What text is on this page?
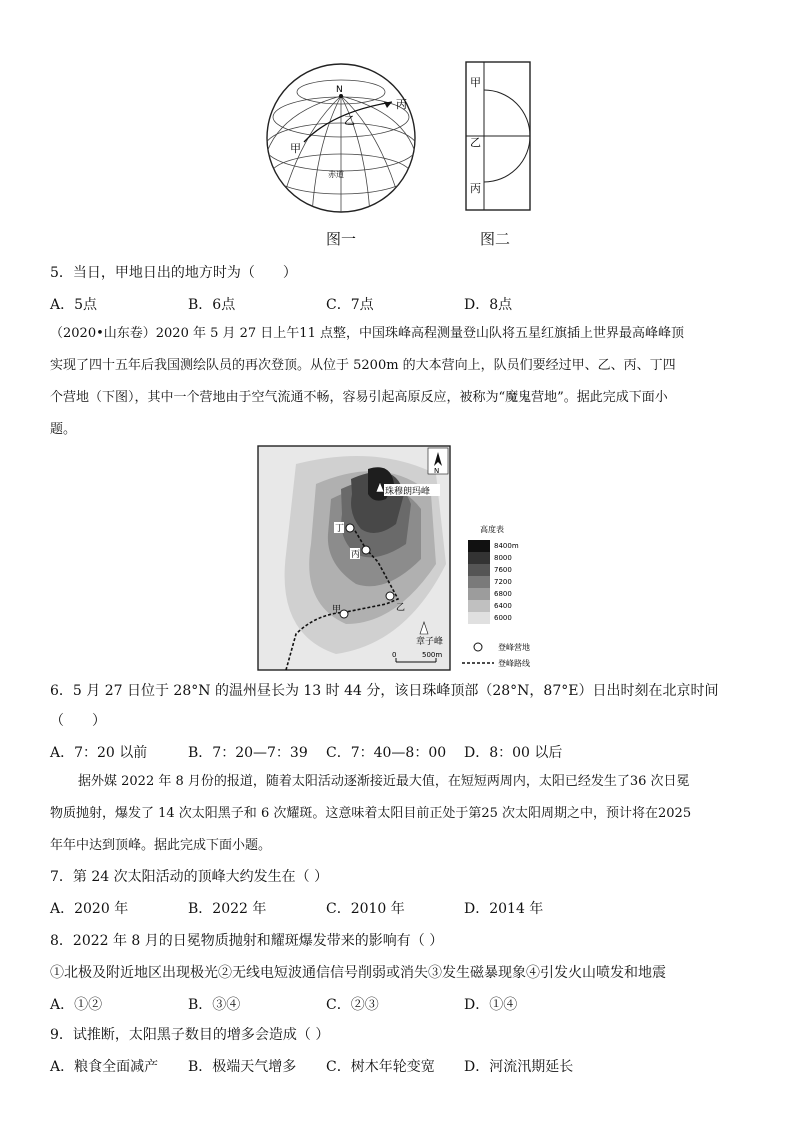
N
甲
乙
丙
赤道
甲
乙
丙
图一	图二
5．当日，甲地日出的地方时为（　　）
A．5点	B．6点	C．7点	D．8点
（2020•山东卷）2020 年 5 月 27 日上午11 点整，中国珠峰高程测量登山队将五星红旗插上世界最高峰峰顶
实现了四十五年后我国测绘队员的再次登顶。从位于 5200m 的大本营向上，队员们要经过甲、乙、丙、丁四
个营地（下图），其中一个营地由于空气流通不畅，容易引起高原反应，被称为“魔鬼营地”。据此完成下面小
题。
珠穆朗玛峰
丁
丙
乙
甲
章子峰
N
0	500m
高度表
8400m
8000
7600
7200
6800
6400
6000
登峰营地
登峰路线
6．5 月 27 日位于 28°N 的温州昼长为 13 时 44 分，该日珠峰顶部（28°N，87°E）日出时刻在北京时间
（　　）
A．7：20 以前	B．7：20—7：39	C．7：40—8：00	D．8：00 以后
据外媒 2022 年 8 月份的报道，随着太阳活动逐渐接近最大值，在短短两周内，太阳已经发生了36 次日冕
物质抛射，爆发了 14 次太阳黑子和 6 次耀斑。这意味着太阳目前正处于第25 次太阳周期之中，预计将在2025
年年中达到顶峰。据此完成下面小题。
7．第 24 次太阳活动的顶峰大约发生在（ ）
A．2020 年	B．2022 年	C．2010 年	D．2014 年
8．2022 年 8 月的日冕物质抛射和耀斑爆发带来的影响有（ ）
①北极及附近地区出现极光②无线电短波通信信号削弱或消失③发生磁暴现象④引发火山喷发和地震
A．①②	B．③④	C．②③	D．①④
9．试推断，太阳黑子数目的增多会造成（ ）
A．粮食全面减产	B．极端天气增多	C．树木年轮变宽	D．河流汛期延长
